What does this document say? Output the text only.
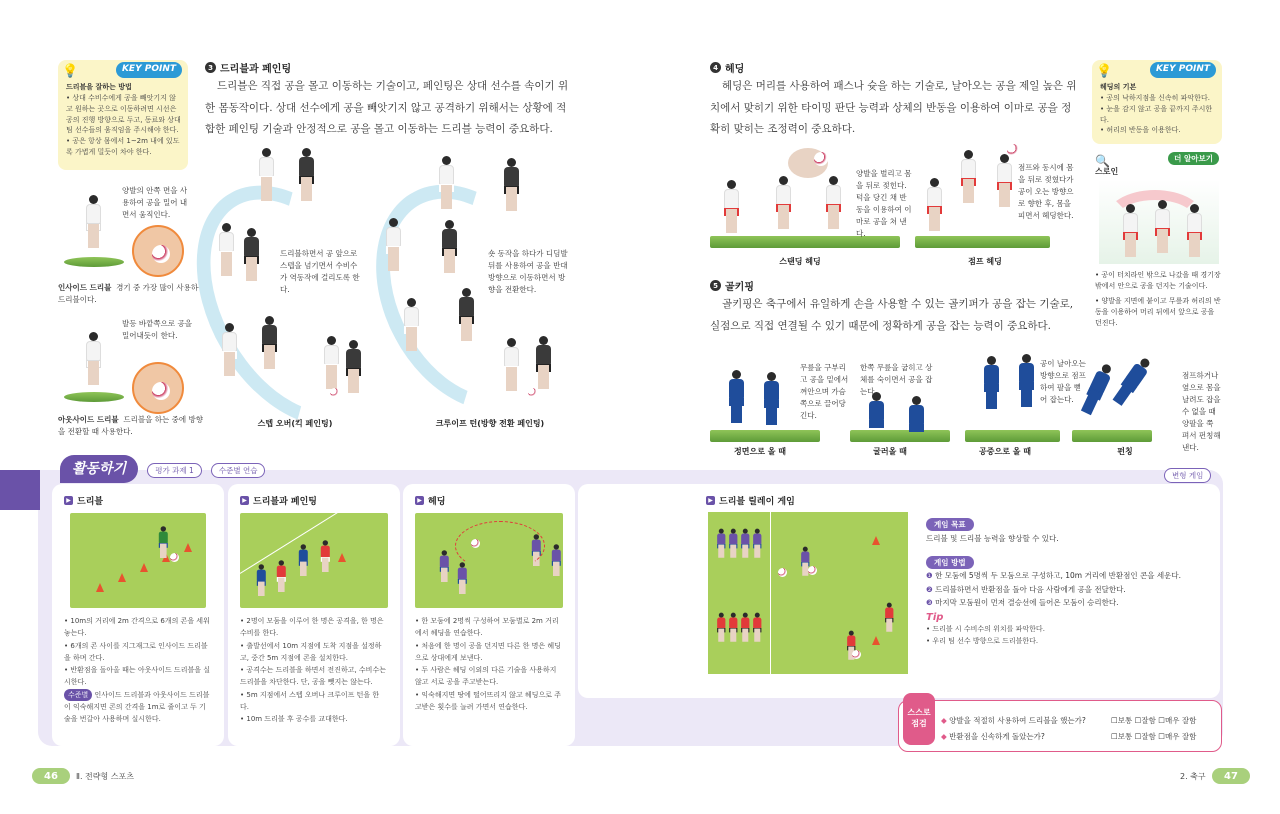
💡	KEY POINT
드리블을 잘하는 방법
• 상대 수비수에게 공을 빼앗기지 않고 원하는 곳으로 이동하려면 시선은 공의 진행 방향으로 두고, 동료와 상대팀 선수들의 움직임을 주시해야 한다.
• 공은 항상 몸에서 1~2m 내에 있도록 가볍게 밀듯이 차야 한다.
양발의 안쪽 면을 사용하여 공을 밀어 내면서 움직인다.
인사이드 드리블 경기 중 가장 많이 사용하는 드리블이다.
발등 바깥쪽으로 공을 밀어내듯이 한다.
아웃사이드 드리블 드리블을 하는 중에 방향을 전환할 때 사용한다.
3 드리블과 페인팅
드리블은 직접 공을 몰고 이동하는 기술이고, 페인팅은 상대 선수를 속이기 위한 몸동작이다. 상대 선수에게 공을 빼앗기지 않고 공격하기 위해서는 상황에 적합한 페인팅 기술과 안정적으로 공을 몰고 이동하는 드리블 능력이 중요하다.
드리블하면서 공 앞으로 스텝을 넘기면서 수비수가 역동작에 걸리도록 한다.
숏 동작을 하다가 디딤발 뒤를 사용하여 공을 반대 방향으로 이동하면서 방향을 전환한다.
스텝 오버(킥 페인팅)	크루이프 턴(방향 전환 페인팅)
4 헤딩
헤딩은 머리를 사용하여 패스나 슛을 하는 기술로, 날아오는 공을 제일 높은 위치에서 맞히기 위한 타이밍 판단 능력과 상체의 반동을 이용하여 이마로 공을 정확히 맞히는 조정력이 중요하다.
양발을 벌리고 몸을 뒤로 젖힌다. 턱을 당긴 채 반동을 이용하여 이마로 공을 쳐 낸다.
점프와 동시에 몸을 뒤로 젖혔다가 공이 오는 방향으로 향한 후, 몸을 피면서 헤딩한다.
스탠딩 헤딩	점프 헤딩
5 골키핑
골키핑은 축구에서 유일하게 손을 사용할 수 있는 골키퍼가 공을 잡는 기술로, 실점으로 직접 연결될 수 있기 때문에 정확하게 공을 잡는 능력이 중요하다.
무릎을 구부리고 공을 밑에서 껴안으며 가슴 쪽으로 끌어당긴다.
한쪽 무릎을 굽히고 상체를 숙이면서 공을 잡는다.
공이 날아오는 방향으로 점프하여 팔을 뻗어 잡는다.
점프하거나 옆으로 몸을 날려도 잡을 수 없을 때 양팔을 쭉 펴서 펀칭해 낸다.
정면으로 올 때	굴러올 때	공중으로 올 때	펀칭
💡	KEY POINT
헤딩의 기본
• 공의 낙하지점을 신속히 파악한다.
• 눈을 감지 않고 공을 끝까지 주시한다.
• 허리의 반동을 이용한다.
🔍	더 알아보기
스로인
• 공이 터치라인 밖으로 나갔을 때 경기장 밖에서 안으로 공을 던지는 기술이다.
• 양발을 지면에 붙이고 무릎과 허리의 반동을 이용하여 머리 뒤에서 앞으로 공을 던진다.
활동하기	평가 과제 1	수준별 연습
변형 게임
▶ 드리블
• 10m의 거리에 2m 간격으로 6개의 콘을 세워 놓는다.
• 6개의 콘 사이를 지그재그로 인사이드 드리블을 하며 간다.
• 반환점을 돌아올 때는 아웃사이드 드리블을 실시한다.
수준별 인사이드 드리블과 아웃사이드 드리블이 익숙해지면 콘의 간격을 1m로 줄이고 두 기술을 번갈아 사용하며 실시한다.
▶ 드리블과 페인팅
• 2명이 모둠을 이루어 한 명은 공격을, 한 명은 수비를 한다.
• 출발선에서 10m 지점에 도착 지점을 설정하고, 중간 5m 지점에 콘을 설치한다.
• 공격수는 드리블을 하면서 전진하고, 수비수는 드리블을 차단한다. 단, 공을 뺏지는 않는다.
• 5m 지점에서 스텝 오버나 크루이프 턴을 한다.
• 10m 드리블 후 공수를 교대한다.
▶ 헤딩
• 한 모둠에 2명씩 구성하여 모둠별로 2m 거리에서 헤딩을 연습한다.
• 처음에 한 명이 공을 던지면 다른 한 명은 헤딩으로 상대에게 보낸다.
• 두 사람은 헤딩 이외의 다른 기술을 사용하지 않고 서로 공을 주고받는다.
• 익숙해지면 땅에 떨어뜨리지 않고 헤딩으로 주고받은 횟수를 늘려 가면서 연습한다.
▶ 드리블 릴레이 게임
게임 목표
드리블 및 드리블 능력을 향상할 수 있다.
게임 방법
❶ 한 모둠에 5명씩 두 모둠으로 구성하고, 10m 거리에 반환점인 콘을 세운다.
❷ 드리블하면서 반환점을 돌아 다음 사람에게 공을 전달한다.
❸ 마지막 모둠원이 먼저 결승선에 들어온 모둠이 승리한다.
Tip
• 드리블 시 수비수의 위치를 파악한다.
• 우리 팀 선수 방향으로 드리블한다.
스스로
점검	◆ 양발을 적절히 사용하여 드리블을 했는가?
◆ 반환점을 신속하게 돌았는가?
☐보통 ☐잘함 ☐매우 잘함
☐보통 ☐잘함 ☐매우 잘함
46	Ⅱ. 전략형 스포츠	2. 축구	47
